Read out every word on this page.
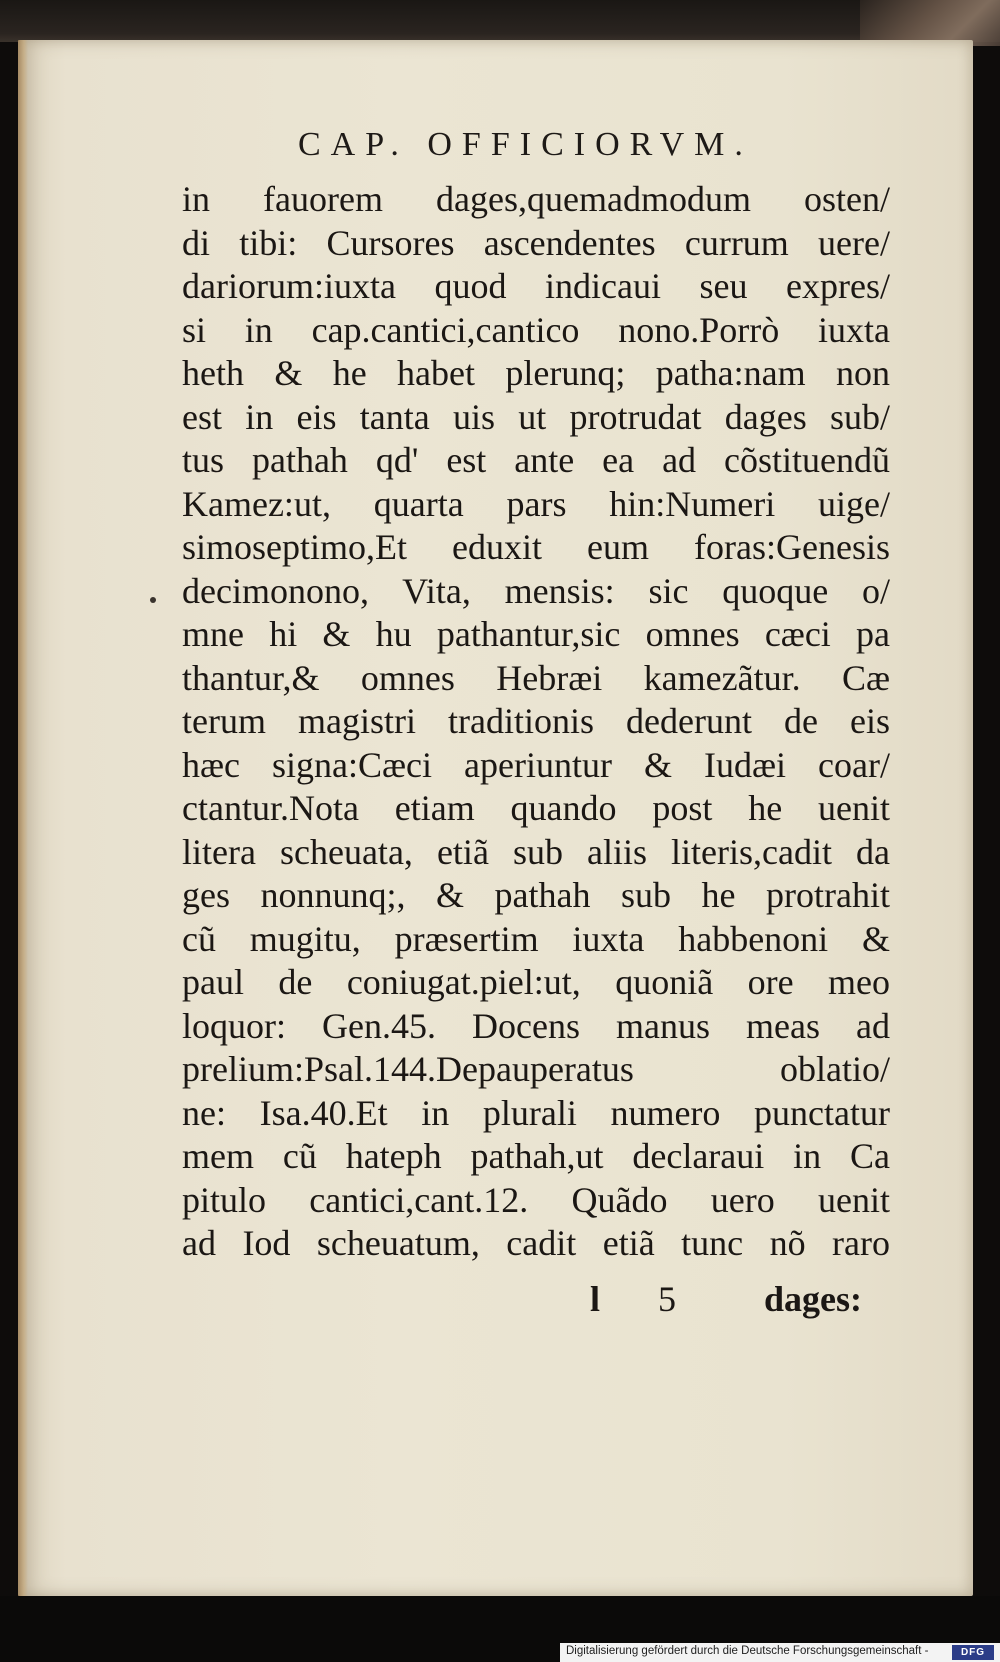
CAP. OFFICIORVM.
in fauorem dages,quemadmodum osten/
di tibi: Cursores ascendentes currum uere/
dariorum:iuxta quod indicaui seu expres/
si in cap.cantici,cantico nono.Porrò iuxta
heth & he habet plerunq; patha:nam non
est in eis tanta uis ut protrudat dages sub/
tus pathah qd' est ante ea ad cõstituendũ
Kamez:ut, quarta pars hin:Numeri uige/
simoseptimo,Et eduxit eum foras:Genesis
decimonono, Vita, mensis: sic quoque o/
mne hi & hu pathantur,sic omnes cæci pa
thantur,& omnes Hebræi kamezãtur. Cæ
terum magistri traditionis dederunt de eis
hæc signa:Cæci aperiuntur & Iudæi coar/
ctantur.Nota etiam quando post he uenit
litera scheuata, etiã sub aliis literis,cadit da
ges nonnunq;, & pathah sub he protrahit
cũ mugitu, præsertim iuxta habbenoni &
paul de coniugat.piel:ut, quoniã ore meo
loquor: Gen.45. Docens manus meas ad
prelium:Psal.144.Depauperatus oblatio/
ne: Isa.40.Et in plurali numero punctatur
mem cũ hateph pathah,ut declaraui in Ca
pitulo cantici,cant.12. Quãdo uero uenit
ad Iod scheuatum, cadit etiã tunc nõ raro
l 5 dages:
Digitalisierung gefördert durch die Deutsche Forschungsgemeinschaft -	DFG
